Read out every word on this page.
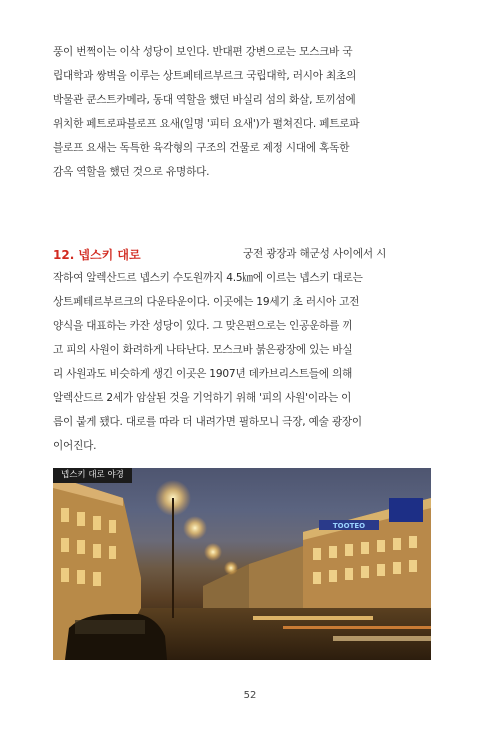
풍이 번쩍이는 이삭 성당이 보인다. 반대편 강변으로는 모스크바 국
립대학과 쌍벽을 이루는 상트페테르부르크 국립대학, 러시아 최초의
박물관 쿤스트카메라, 동대 역할을 했던 바실리 섬의 화살, 토끼섬에
위치한 페트로파블로프 요새(일명 '피터 요새')가 펼쳐진다. 페트로파
블로프 요새는 독특한 육각형의 구조의 건물로 제정 시대에 혹독한
감옥 역할을 했던 것으로 유명하다.
12. 넵스키 대로	궁전 광장과 해군성 사이에서 시
작하여 알렉산드르 넵스키 수도원까지 4.5㎞에 이르는 넵스키 대로는
상트페테르부르크의 다운타운이다. 이곳에는 19세기 초 러시아 고전
양식을 대표하는 카잔 성당이 있다. 그 맞은편으로는 인공운하를 끼
고 피의 사원이 화려하게 나타난다. 모스크바 붉은광장에 있는 바실
리 사원과도 비슷하게 생긴 이곳은 1907년 데카브리스트들에 의해
알렉산드르 2세가 암살된 것을 기억하기 위해 '피의 사원'이라는 이
름이 붙게 됐다. 대로를 따라 더 내려가면 필하모니 극장, 예술 광장이
이어진다.
TOOTEO
넵스키 대로 야경
52
